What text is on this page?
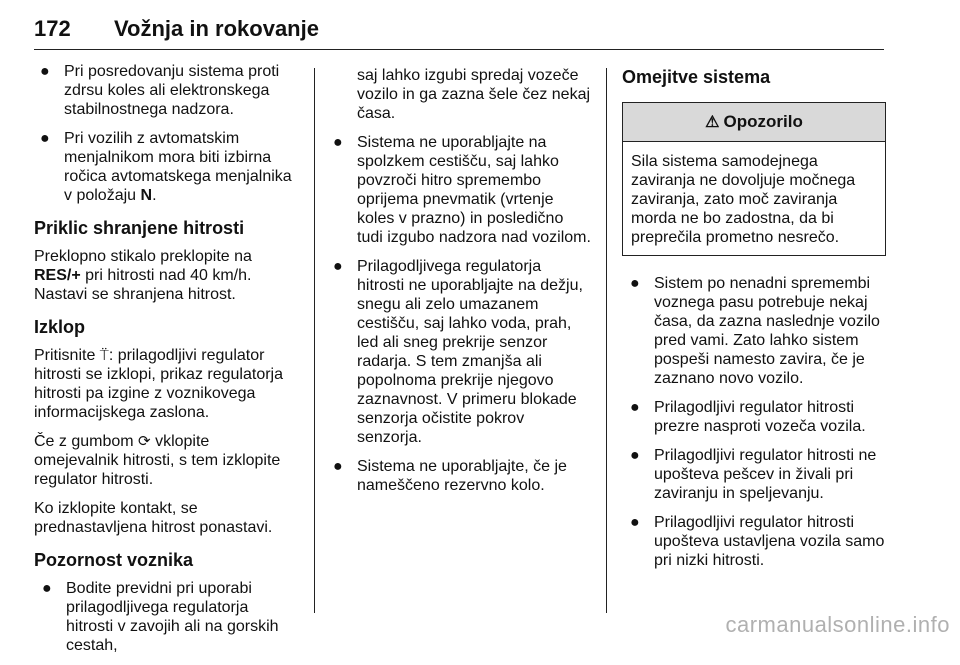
172 Vožnja in rokovanje
● Pri posredovanju sistema proti zdrsu koles ali elektronskega stabilnostnega nadzora.
● Pri vozilih z avtomatskim menjalnikom mora biti izbirna ročica avtomatskega menjalnika v položaju N.
Priklic shranjene hitrosti

Preklopno stikalo preklopite na RES/+ pri hitrosti nad 40 km/h. Nastavi se shranjena hitrost.

Izklop

Pritisnite ⍡: prilagodljivi regulator hitrosti se izklopi, prikaz regulatorja hitrosti pa izgine z voznikovega informacijskega zaslona.

Če z gumbom ⟳ vklopite omejevalnik hitrosti, s tem izklopite regulator hitrosti.

Ko izklopite kontakt, se prednastavljena hitrost ponastavi.

Pozornost voznika
● Bodite previdni pri uporabi prilagodljivega regulatorja hitrosti v zavojih ali na gorskih cestah,
saj lahko izgubi spredaj vozeče vozilo in ga zazna šele čez nekaj časa.
● Sistema ne uporabljajte na spolzkem cestišču, saj lahko povzroči hitro spremembo oprijema pnevmatik (vrtenje koles v prazno) in posledično tudi izgubo nadzora nad vozilom.
● Prilagodljivega regulatorja hitrosti ne uporabljajte na dežju, snegu ali zelo umazanem cestišču, saj lahko voda, prah, led ali sneg prekrije senzor radarja. S tem zmanjša ali popolnoma prekrije njegovo zaznavnost. V primeru blokade senzorja očistite pokrov senzorja.
● Sistema ne uporabljajte, če je nameščeno rezervno kolo.
Omejitve sistema
⚠ Opozorilo
Sila sistema samodejnega zaviranja ne dovoljuje močnega zaviranja, zato moč zaviranja morda ne bo zadostna, da bi preprečila prometno nesrečo.
● Sistem po nenadni spremembi voznega pasu potrebuje nekaj časa, da zazna naslednje vozilo pred vami. Zato lahko sistem pospeši namesto zavira, če je zaznano novo vozilo.
● Prilagodljivi regulator hitrosti prezre nasproti vozeča vozila.
● Prilagodljivi regulator hitrosti ne upošteva pešcev in živali pri zaviranju in speljevanju.
● Prilagodljivi regulator hitrosti upošteva ustavljena vozila samo pri nizki hitrosti.
carmanualsonline.info
